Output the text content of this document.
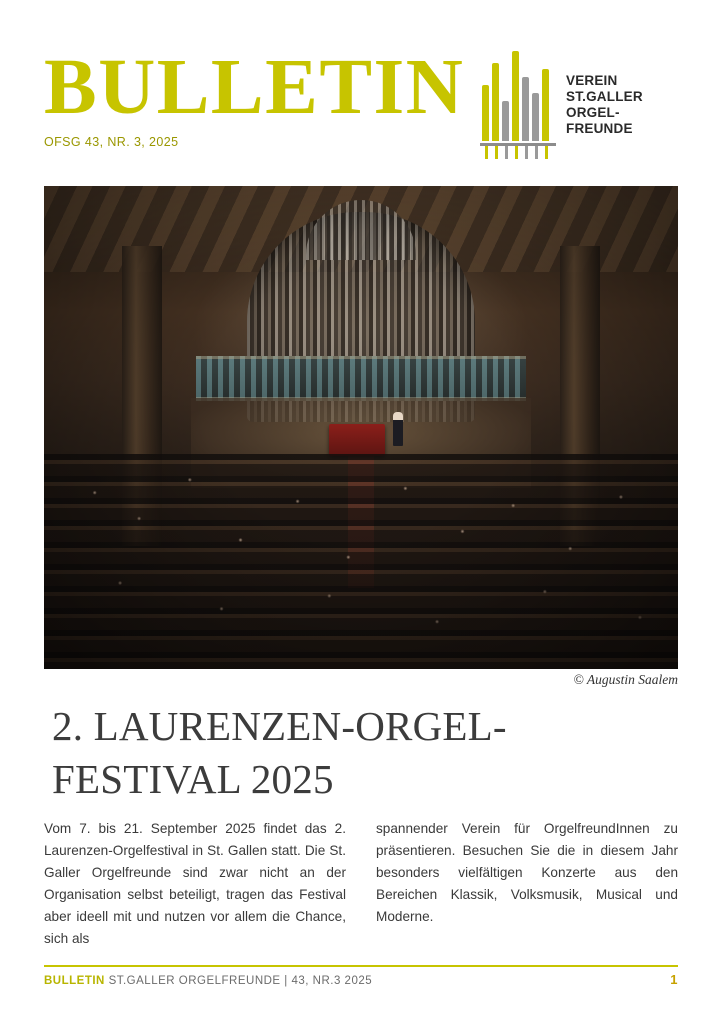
BULLETIN
OFSG 43, NR. 3, 2025
VEREIN
ST.GALLER
ORGEL-
FREUNDE
© Augustin Saalem
2. LAURENZEN-ORGEL-FESTIVAL 2025
Vom 7. bis 21. September 2025 findet das 2. Laurenzen-Orgelfestival in St. Gallen statt. Die St. Galler Orgelfreunde sind zwar nicht an der Organisation selbst beteiligt, tragen das Festival aber ideell mit und nutzen vor allem die Chance, sich als
spannender Verein für OrgelfreundInnen zu präsentieren. Besuchen Sie die in diesem Jahr besonders vielfältigen Konzerte aus den Bereichen Klassik, Volksmusik, Musical und Moderne.
BULLETIN ST.GALLER ORGELFREUNDE | 43, NR.3 2025	1
